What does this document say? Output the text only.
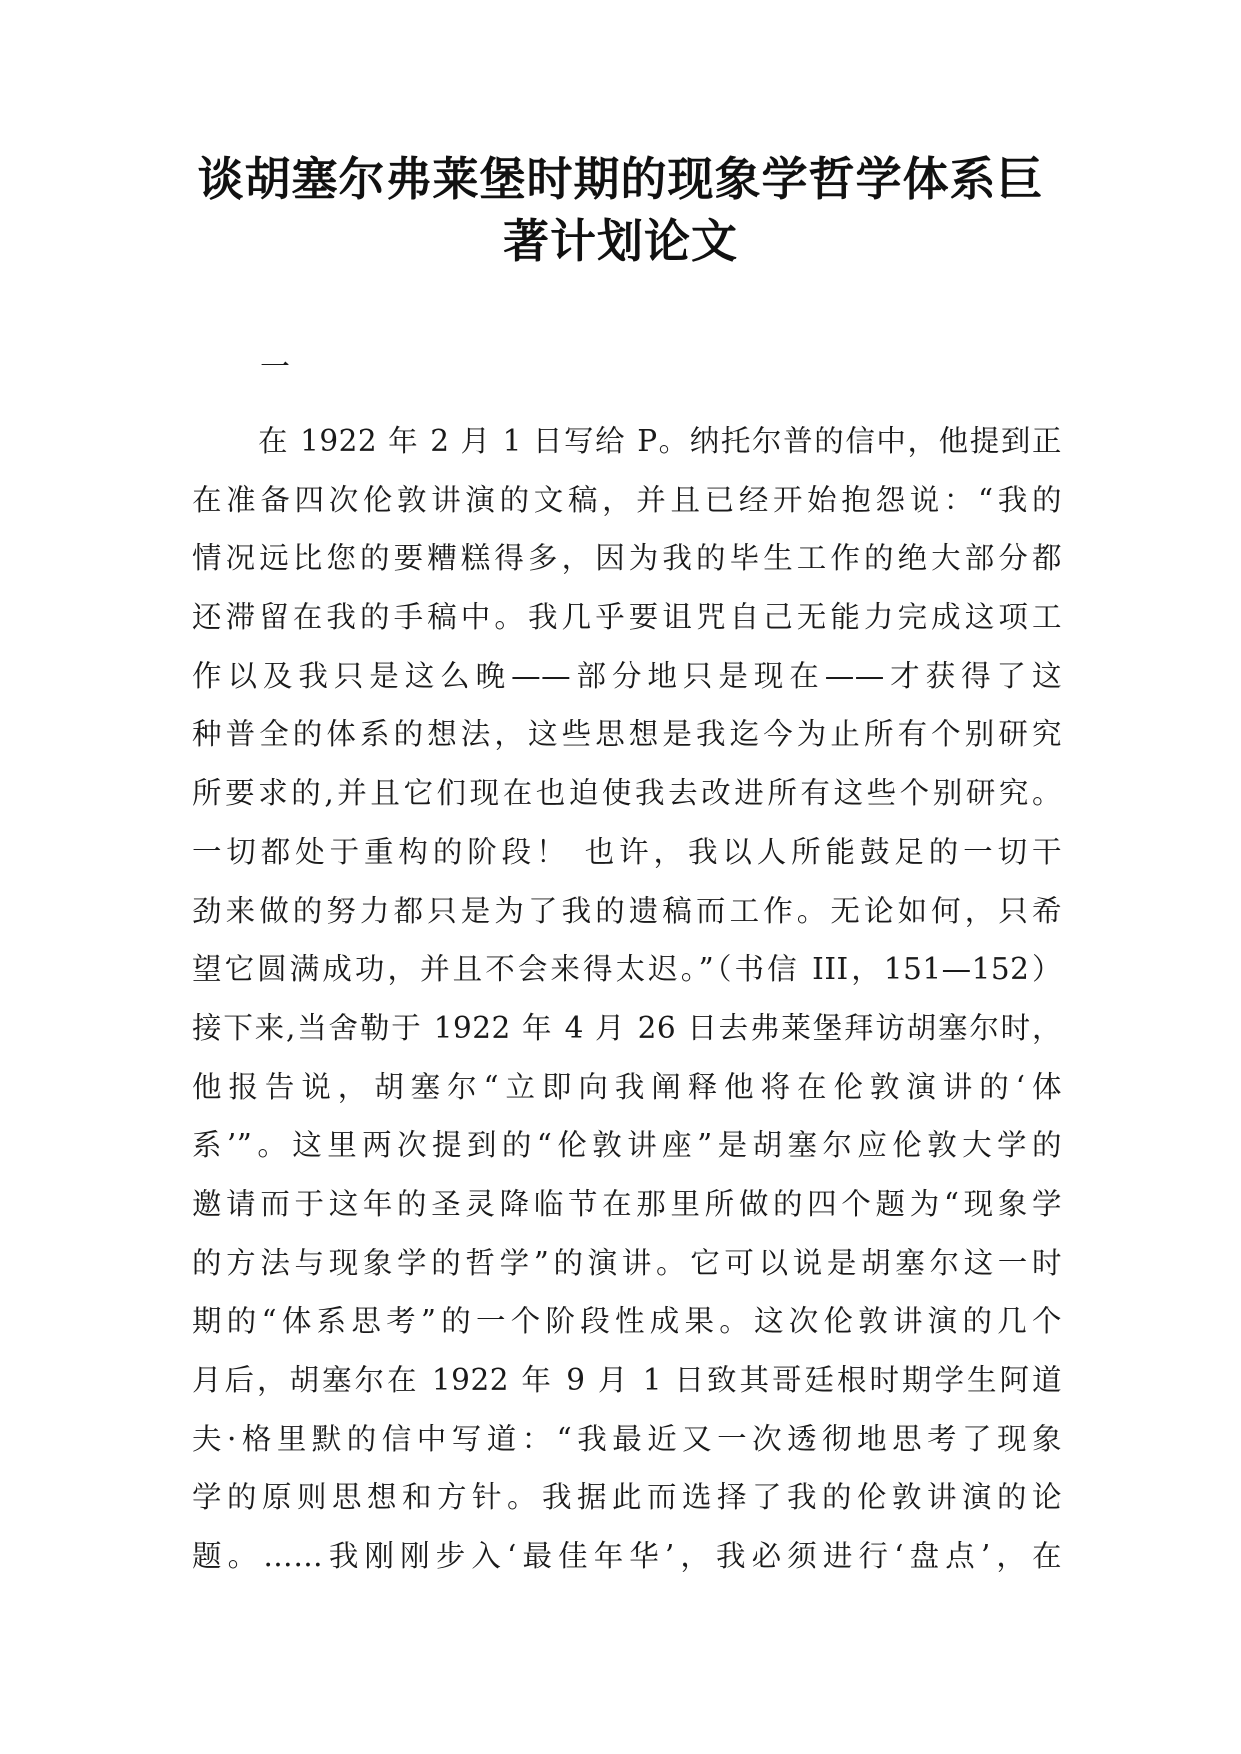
谈胡塞尔弗莱堡时期的现象学哲学体系巨
著计划论文
一
在 1922 年 2 月 1 日写给 P。纳托尔普的信中，他提到正
在准备四次伦敦讲演的文稿，并且已经开始抱怨说：“我的
情况远比您的要糟糕得多，因为我的毕生工作的绝大部分都
还滞留在我的手稿中。我几乎要诅咒自己无能力完成这项工
作以及我只是这么晚——部分地只是现在——才获得了这
种普全的体系的想法，这些思想是我迄今为止所有个别研究
所要求的,并且它们现在也迫使我去改进所有这些个别研究。
一切都处于重构的阶段！ 也许，我以人所能鼓足的一切干
劲来做的努力都只是为了我的遗稿而工作。无论如何，只希
望它圆满成功，并且不会来得太迟。”（书信 III，151—152）
接下来,当舍勒于 1922 年 4 月 26 日去弗莱堡拜访胡塞尔时，
他报告说，胡塞尔“立即向我阐释他将在伦敦演讲的‘体
系’”。这里两次提到的“伦敦讲座”是胡塞尔应伦敦大学的
邀请而于这年的圣灵降临节在那里所做的四个题为“现象学
的方法与现象学的哲学”的演讲。它可以说是胡塞尔这一时
期的“体系思考”的一个阶段性成果。这次伦敦讲演的几个
月后，胡塞尔在 1922 年 9 月 1 日致其哥廷根时期学生阿道
夫·格里默的信中写道：“我最近又一次透彻地思考了现象
学的原则思想和方针。我据此而选择了我的伦敦讲演的论
题。……我刚刚步入‘最佳年华’，我必须进行‘盘点’，在
